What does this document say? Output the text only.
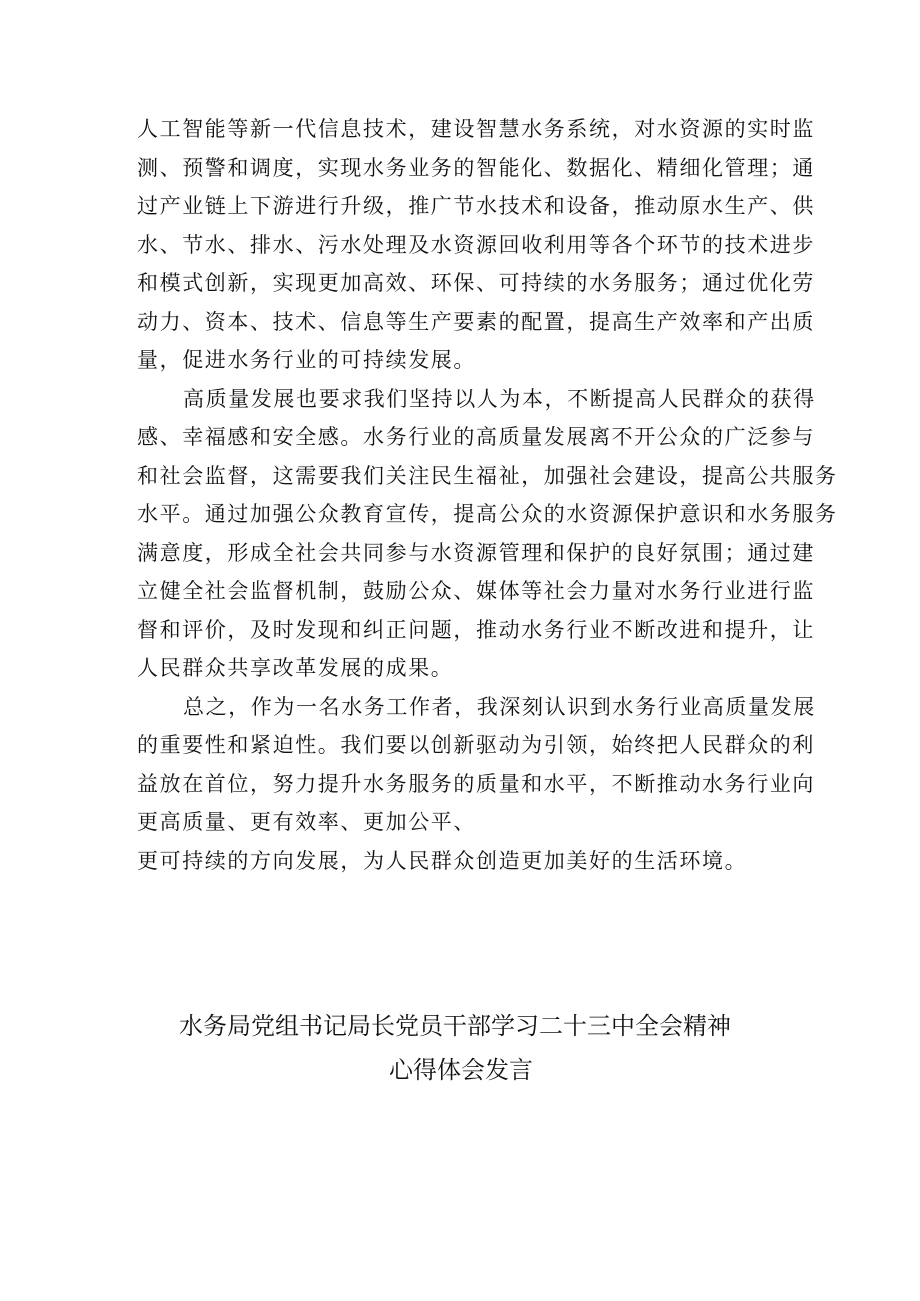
人工智能等新一代信息技术，建设智慧水务系统，对水资源的实时监
测、预警和调度，实现水务业务的智能化、数据化、精细化管理；通
过产业链上下游进行升级，推广节水技术和设备，推动原水生产、供
水、节水、排水、污水处理及水资源回收利用等各个环节的技术进步
和模式创新，实现更加高效、环保、可持续的水务服务；通过优化劳
动力、资本、技术、信息等生产要素的配置，提高生产效率和产出质
量，促进水务行业的可持续发展。
高质量发展也要求我们坚持以人为本，不断提高人民群众的获得
感、幸福感和安全感。水务行业的高质量发展离不开公众的广泛参与
和社会监督，这需要我们关注民生福祉，加强社会建设，提高公共服务
水平。通过加强公众教育宣传，提高公众的水资源保护意识和水务服务
满意度，形成全社会共同参与水资源管理和保护的良好氛围；通过建
立健全社会监督机制，鼓励公众、媒体等社会力量对水务行业进行监
督和评价，及时发现和纠正问题，推动水务行业不断改进和提升，让
人民群众共享改革发展的成果。
总之，作为一名水务工作者，我深刻认识到水务行业高质量发展
的重要性和紧迫性。我们要以创新驱动为引领，始终把人民群众的利
益放在首位，努力提升水务服务的质量和水平，不断推动水务行业向
更高质量、更有效率、更加公平、
更可持续的方向发展，为人民群众创造更加美好的生活环境。
水务局党组书记局长党员干部学习二十三中全会精神
心得体会发言
